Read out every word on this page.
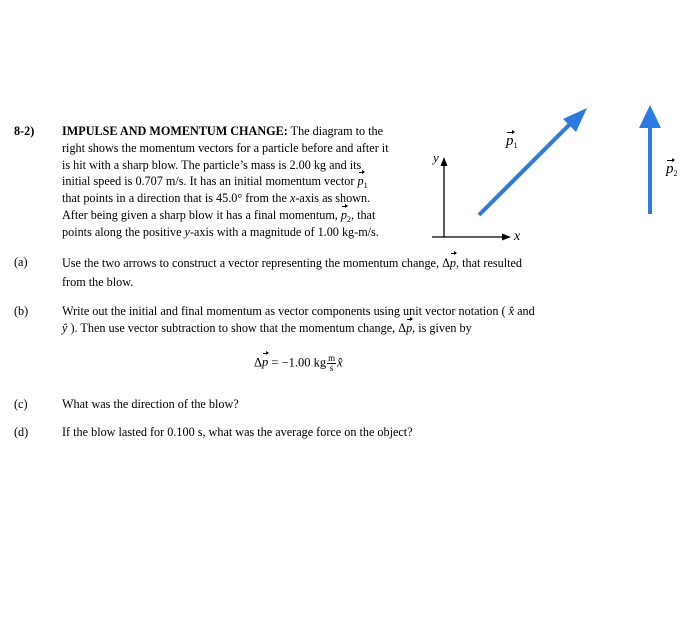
8-2) IMPULSE AND MOMENTUM CHANGE: The diagram to the
right shows the momentum vectors for a particle before and after it
is hit with a sharp blow. The particle’s mass is 2.00 kg and its
initial speed is 0.707 m/s. It has an initial momentum vector $p_1$
that points in a direction that is 45.0° from the x-axis as shown.
After being given a sharp blow it has a final momentum, $p_2$, that
points along the positive y-axis with a magnitude of 1.00 kg-m/s.
y
x
$p_1$
$p_2$
(a)	Use the two arrows to construct a vector representing the momentum change, Δp, that resulted
from the blow.
(b)	Write out the initial and final momentum as vector components using unit vector notation ( x̂ and
ŷ ). Then use vector subtraction to show that the momentum change, Δp, is given by
Δp = −1.00 kg $\frac{m}{s}$ x̂
(c)	What was the direction of the blow?
(d)	If the blow lasted for 0.100 s, what was the average force on the object?
